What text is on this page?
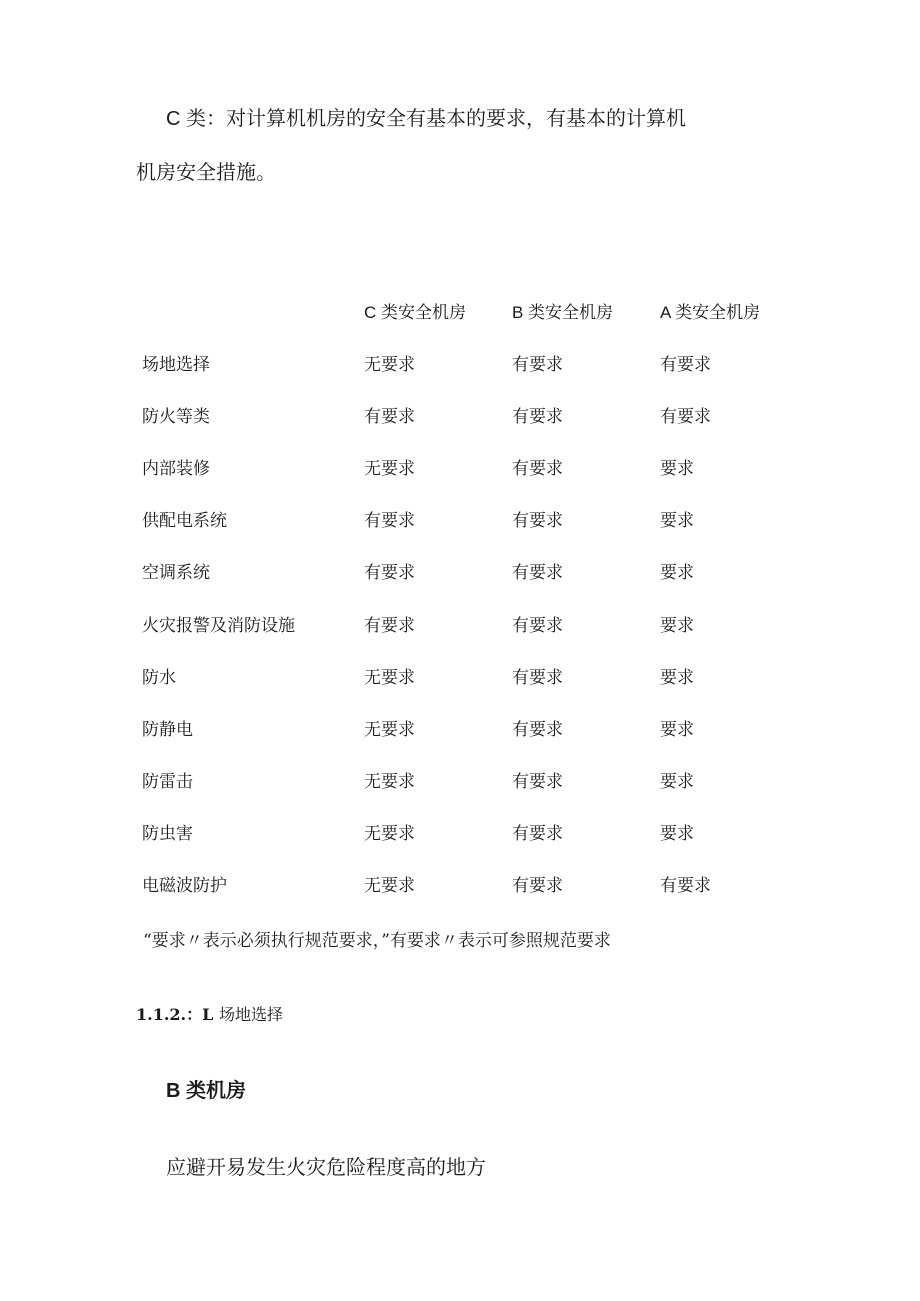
C 类：对计算机机房的安全有基本的要求，有基本的计算机
机房安全措施。
	C 类安全机房	B 类安全机房	A 类安全机房
场地选择	无要求	有要求	有要求
防火等类	有要求	有要求	有要求
内部装修	无要求	有要求	要求
供配电系统	有要求	有要求	要求
空调系统	有要求	有要求	要求
火灾报警及消防设施	有要求	有要求	要求
防水	无要求	有要求	要求
防静电	无要求	有要求	要求
防雷击	无要求	有要求	要求
防虫害	无要求	有要求	要求
电磁波防护	无要求	有要求	有要求

“要求〃表示必须执行规范要求，”有要求〃表示可参照规范要求

1.1.2.：L 场地选择

B 类机房

应避开易发生火灾危险程度高的地方
